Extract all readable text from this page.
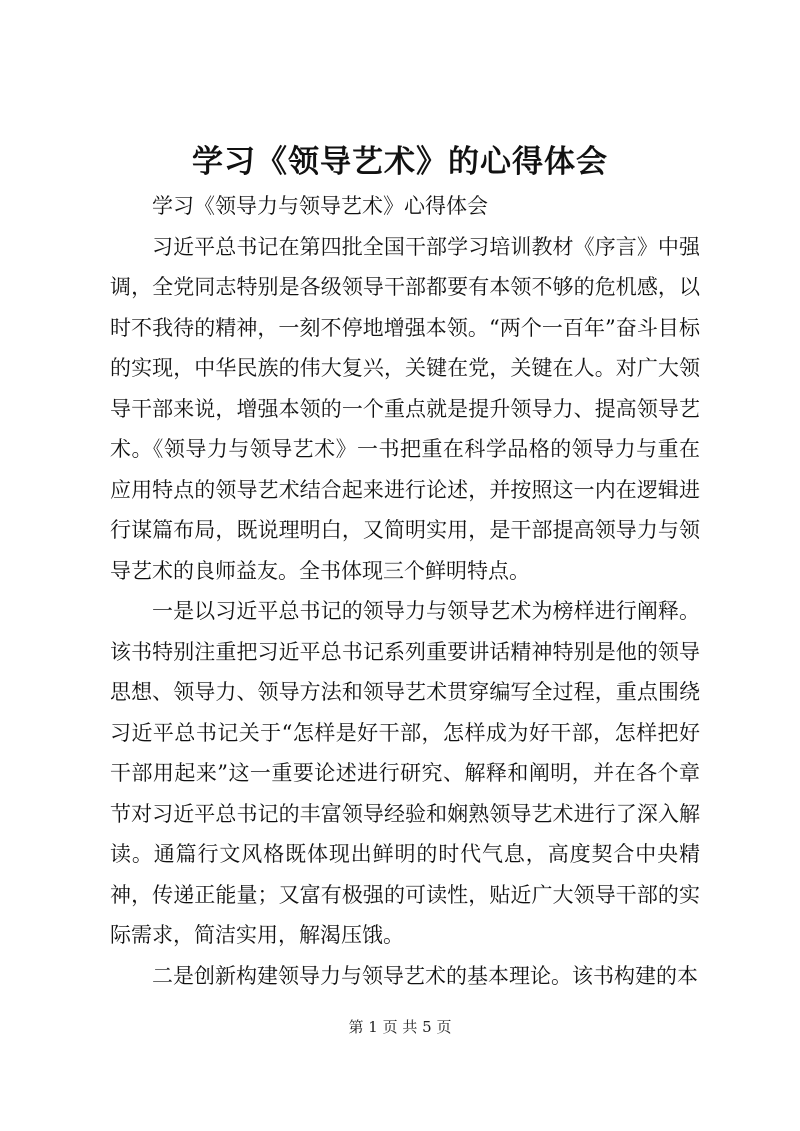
学习《领导艺术》的心得体会

学习《领导力与领导艺术》心得体会

习近平总书记在第四批全国干部学习培训教材《序言》中强调，全党同志特别是各级领导干部都要有本领不够的危机感，以时不我待的精神，一刻不停地增强本领。“两个一百年”奋斗目标的实现，中华民族的伟大复兴，关键在党，关键在人。对广大领导干部来说，增强本领的一个重点就是提升领导力、提高领导艺术。《领导力与领导艺术》一书把重在科学品格的领导力与重在应用特点的领导艺术结合起来进行论述，并按照这一内在逻辑进行谋篇布局，既说理明白，又简明实用，是干部提高领导力与领导艺术的良师益友。全书体现三个鲜明特点。

一是以习近平总书记的领导力与领导艺术为榜样进行阐释。该书特别注重把习近平总书记系列重要讲话精神特别是他的领导思想、领导力、领导方法和领导艺术贯穿编写全过程，重点围绕习近平总书记关于“怎样是好干部，怎样成为好干部，怎样把好干部用起来”这一重要论述进行研究、解释和阐明，并在各个章节对习近平总书记的丰富领导经验和娴熟领导艺术进行了深入解读。通篇行文风格既体现出鲜明的时代气息，高度契合中央精神，传递正能量；又富有极强的可读性，贴近广大领导干部的实际需求，简洁实用，解渴压饿。

二是创新构建领导力与领导艺术的基本理论。该书构建的本

第 1 页 共 5 页
